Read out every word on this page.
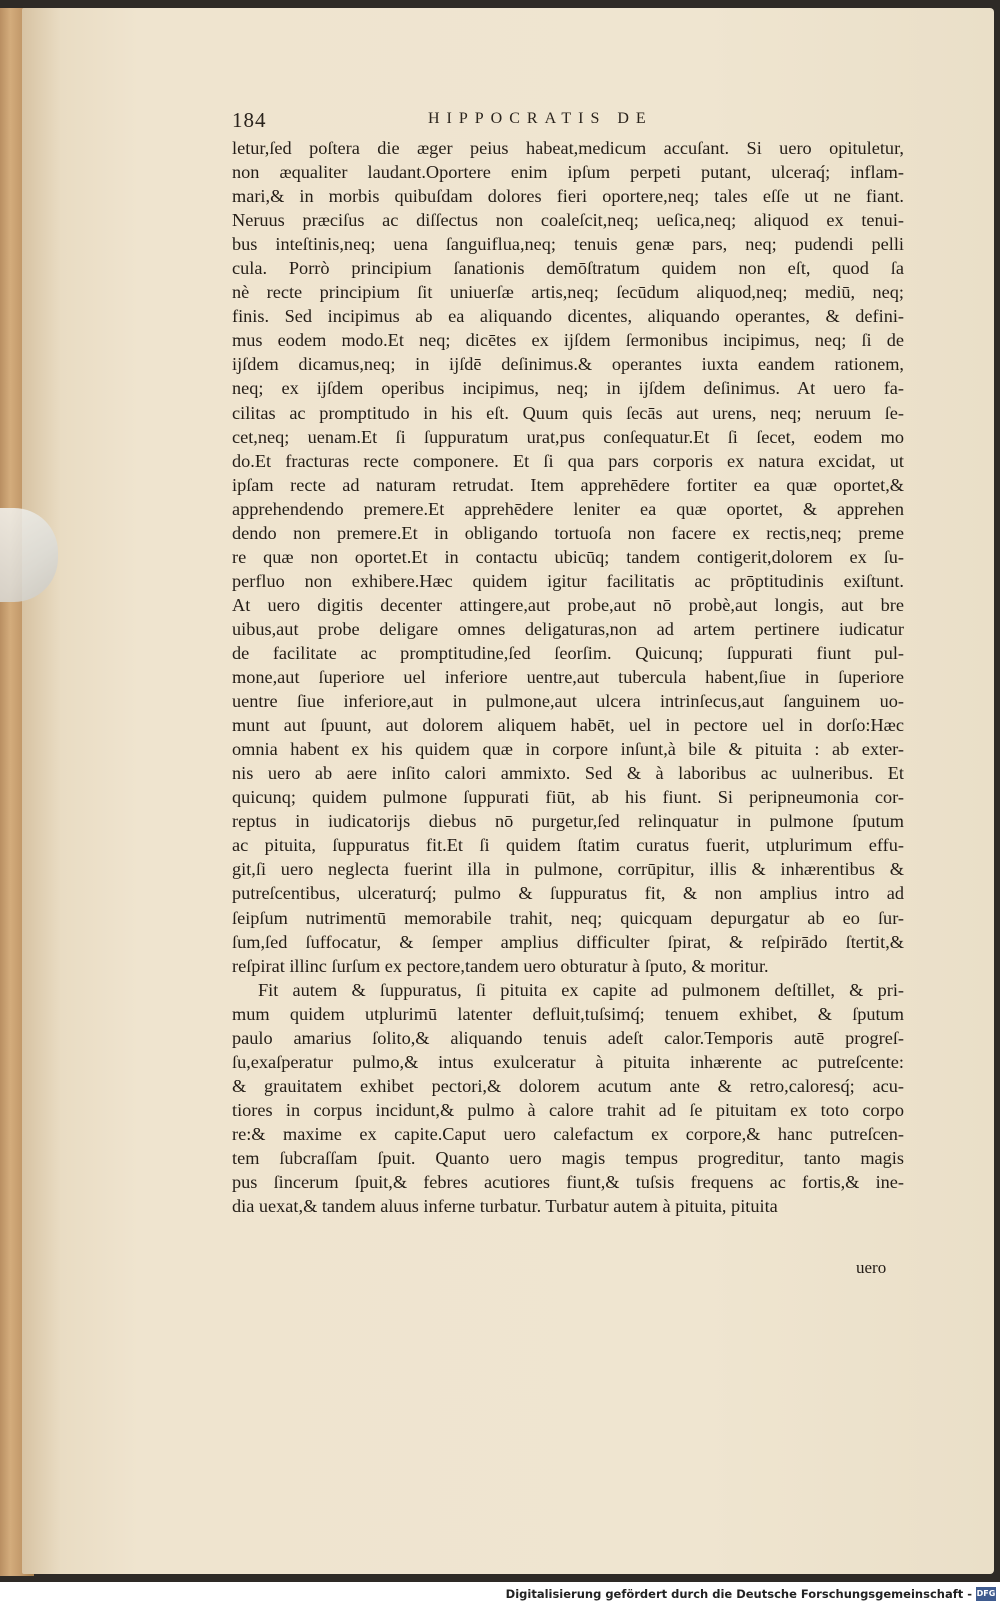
184	HIPPOCRATIS DE
letur,ſed poſtera die æger peius habeat,medicum accuſant. Si uero opituletur,
non æqualiter laudant.Oportere enim ipſum perpeti putant, ulceraq́; inflam-
mari,& in morbis quibuſdam dolores fieri oportere,neq; tales eſſe ut ne fiant.
Neruus præciſus ac diſſectus non coaleſcit,neq; ueſica,neq; aliquod ex tenui-
bus inteſtinis,neq; uena ſanguiflua,neq; tenuis genæ pars, neq; pudendi pelli
cula. Porrò principium ſanationis demōſtratum quidem non eſt, quod ſa
nè recte principium ſit uniuerſæ artis,neq; ſecūdum aliquod,neq; mediū, neq;
finis. Sed incipimus ab ea aliquando dicentes, aliquando operantes, & defini-
mus eodem modo.Et neq; dicētes ex ijſdem ſermonibus incipimus, neq; ſi de
ijſdem dicamus,neq; in ijſdē deſinimus.& operantes iuxta eandem rationem,
neq; ex ijſdem operibus incipimus, neq; in ijſdem deſinimus. At uero fa-
cilitas ac promptitudo in his eſt. Quum quis ſecās aut urens, neq; neruum ſe-
cet,neq; uenam.Et ſi ſuppuratum urat,pus conſequatur.Et ſi ſecet, eodem mo
do.Et fracturas recte componere. Et ſi qua pars corporis ex natura excidat, ut
ipſam recte ad naturam retrudat. Item apprehēdere fortiter ea quæ oportet,&
apprehendendo premere.Et apprehēdere leniter ea quæ oportet, & apprehen
dendo non premere.Et in obligando tortuoſa non facere ex rectis,neq; preme
re quæ non oportet.Et in contactu ubicūq; tandem contigerit,dolorem ex ſu-
perfluo non exhibere.Hæc quidem igitur facilitatis ac prōptitudinis exiſtunt.
At uero digitis decenter attingere,aut probe,aut nō probè,aut longis, aut bre
uibus,aut probe deligare omnes deligaturas,non ad artem pertinere iudicatur
de facilitate ac promptitudine,ſed ſeorſim. Quicunq; ſuppurati fiunt pul-
mone,aut ſuperiore uel inferiore uentre,aut tubercula habent,ſiue in ſuperiore
uentre ſiue inferiore,aut in pulmone,aut ulcera intrinſecus,aut ſanguinem uo-
munt aut ſpuunt, aut dolorem aliquem habēt, uel in pectore uel in dorſo:Hæc
omnia habent ex his quidem quæ in corpore inſunt,à bile & pituita : ab exter-
nis uero ab aere inſito calori ammixto. Sed & à laboribus ac uulneribus. Et
quicunq; quidem pulmone ſuppurati fiūt, ab his fiunt. Si peripneumonia cor-
reptus in iudicatorijs diebus nō purgetur,ſed relinquatur in pulmone ſputum
ac pituita, ſuppuratus fit.Et ſi quidem ſtatim curatus fuerit, utplurimum effu-
git,ſi uero neglecta fuerint illa in pulmone, corrūpitur, illis & inhærentibus &
putreſcentibus, ulceraturq́; pulmo & ſuppuratus fit, & non amplius intro ad
ſeipſum nutrimentū memorabile trahit, neq; quicquam depurgatur ab eo ſur-
ſum,ſed ſuffocatur, & ſemper amplius difficulter ſpirat, & reſpirādo ſtertit,&
reſpirat illinc ſurſum ex pectore,tandem uero obturatur à ſputo, & moritur.
Fit autem & ſuppuratus, ſi pituita ex capite ad pulmonem deſtillet, & pri-
mum quidem utplurimū latenter defluit,tuſsimq́; tenuem exhibet, & ſputum
paulo amarius ſolito,& aliquando tenuis adeſt calor.Temporis autē progreſ-
ſu,exaſperatur pulmo,& intus exulceratur à pituita inhærente ac putreſcente:
& grauitatem exhibet pectori,& dolorem acutum ante & retro,caloresq́; acu-
tiores in corpus incidunt,& pulmo à calore trahit ad ſe pituitam ex toto corpo
re:& maxime ex capite.Caput uero calefactum ex corpore,& hanc putreſcen-
tem ſubcraſſam ſpuit. Quanto uero magis tempus progreditur, tanto magis
pus ſincerum ſpuit,& febres acutiores fiunt,& tuſsis frequens ac fortis,& ine-
dia uexat,& tandem aluus inferne turbatur. Turbatur autem à pituita, pituita
uero
Digitalisierung gefördert durch die Deutsche Forschungsgemeinschaft - DFG
